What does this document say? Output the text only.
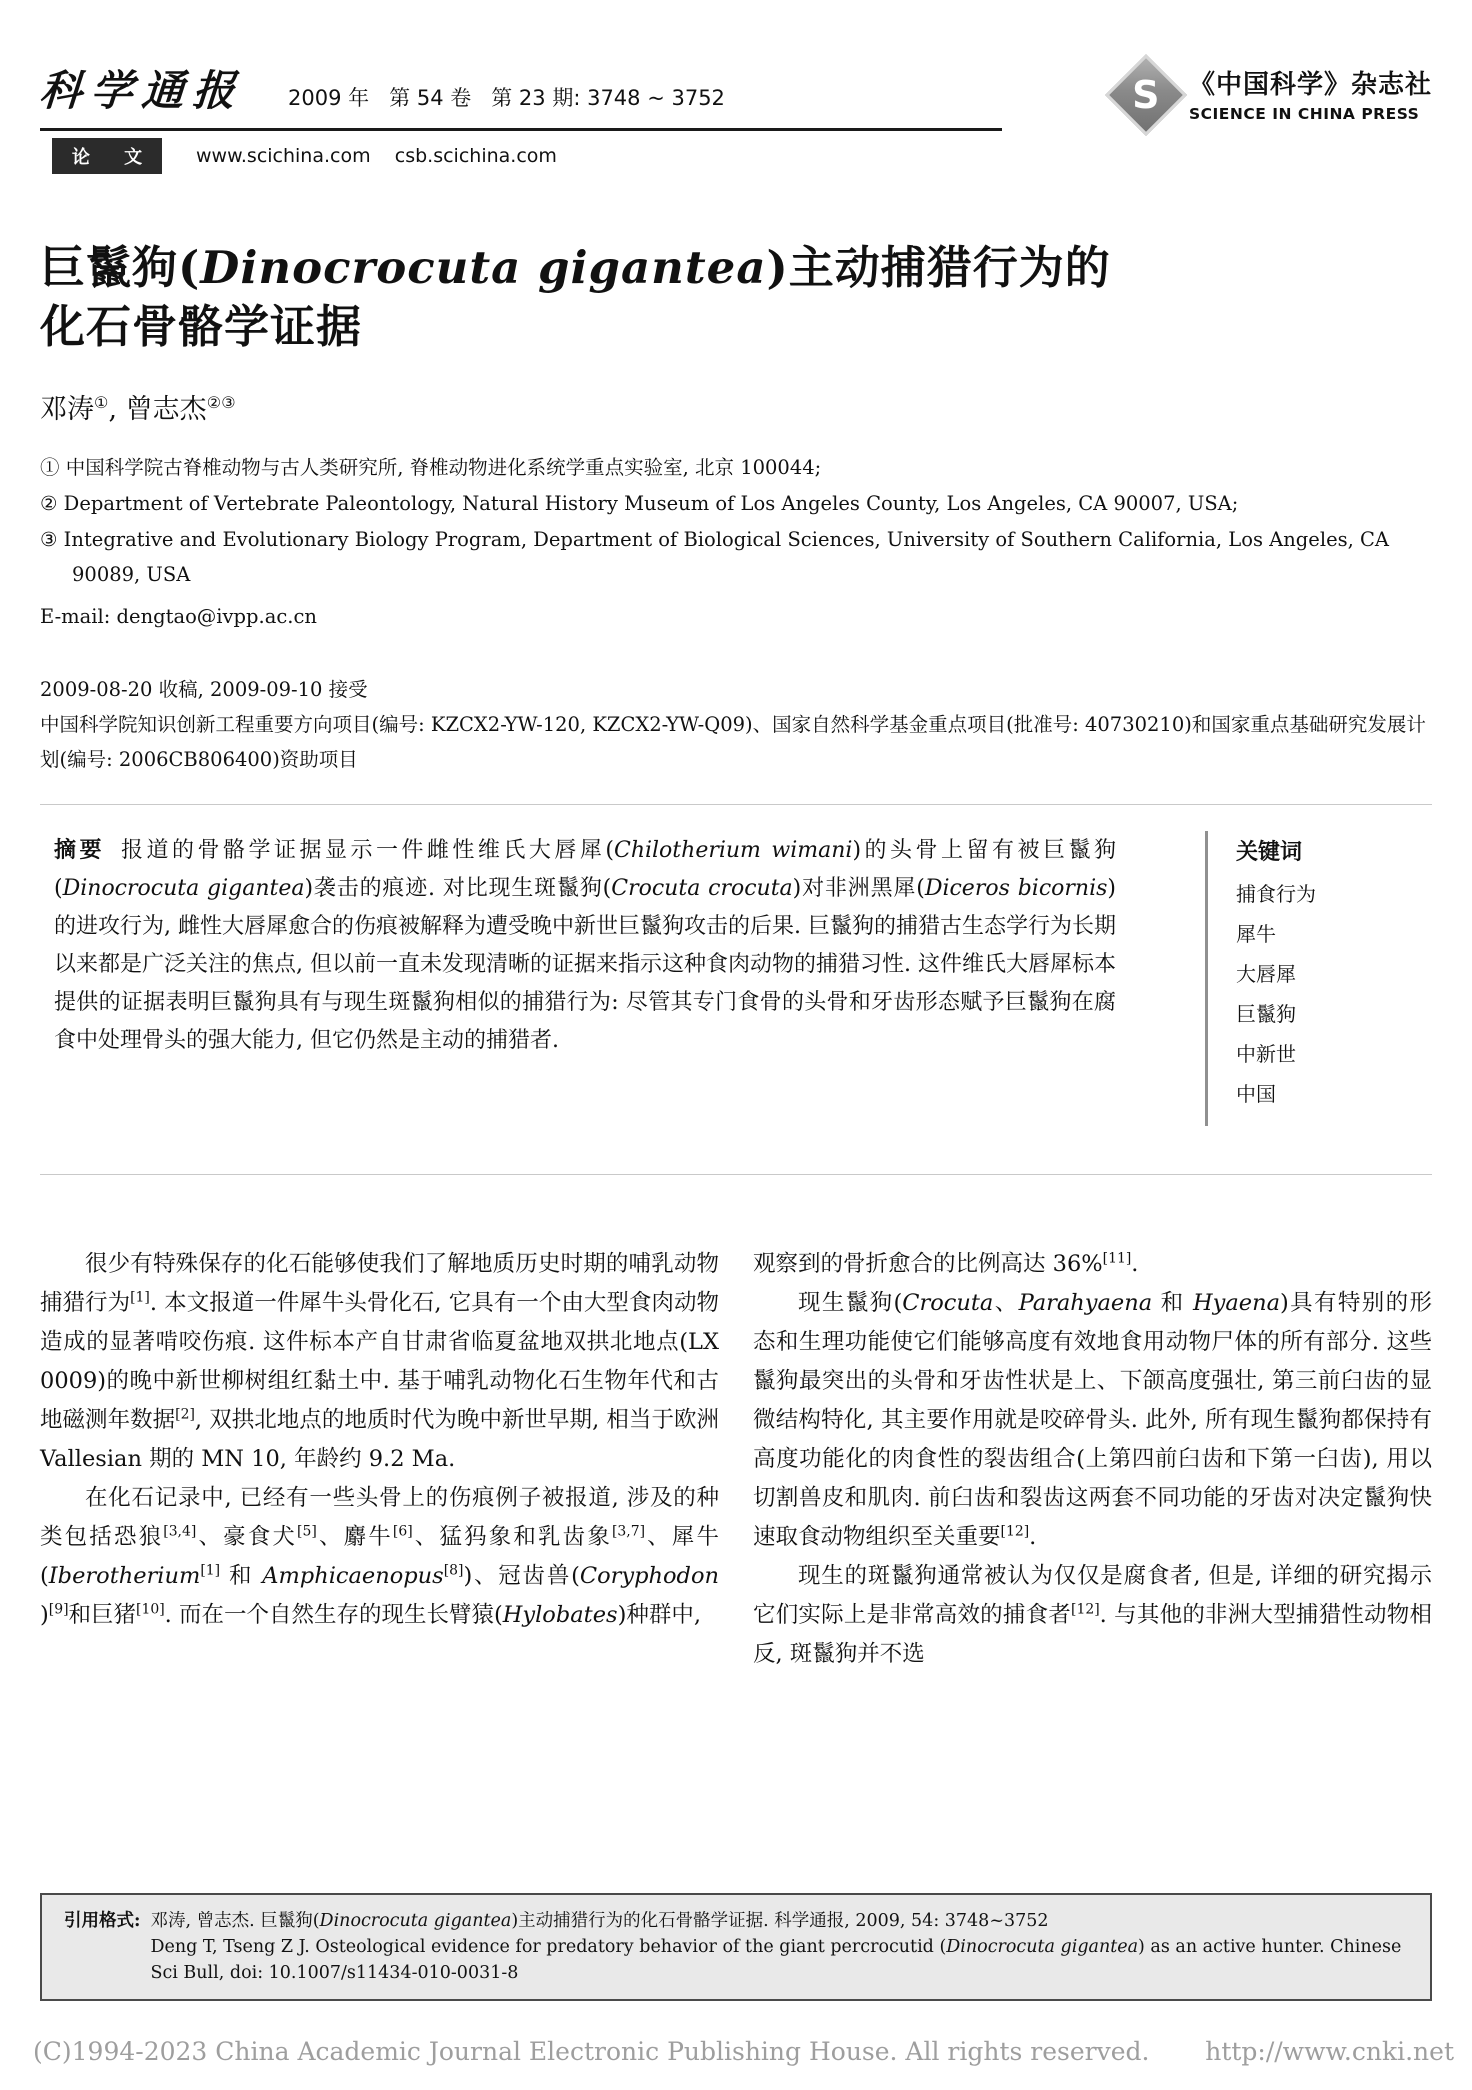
科学通报 2009 年   第 54 卷   第 23 期: 3748 ~ 3752
论 文	www.scichina.com    csb.scichina.com
S 《中国科学》杂志社
SCIENCE IN CHINA PRESS
巨鬣狗(Dinocrocuta gigantea)主动捕猎行为的
化石骨骼学证据
邓涛①, 曾志杰②③
① 中国科学院古脊椎动物与古人类研究所, 脊椎动物进化系统学重点实验室, 北京 100044;
② Department of Vertebrate Paleontology, Natural History Museum of Los Angeles County, Los Angeles, CA 90007, USA;
③ Integrative and Evolutionary Biology Program, Department of Biological Sciences, University of Southern California, Los Angeles, CA 90089, USA
E-mail: dengtao@ivpp.ac.cn
2009-08-20 收稿, 2009-09-10 接受
中国科学院知识创新工程重要方向项目(编号: KZCX2-YW-120, KZCX2-YW-Q09)、国家自然科学基金重点项目(批准号: 40730210)和国家重点基础研究发展计划(编号: 2006CB806400)资助项目

摘要 报道的骨骼学证据显示一件雌性维氏大唇犀(Chilotherium wimani)的头骨上留有被巨鬣狗(Dinocrocuta gigantea)袭击的痕迹. 对比现生斑鬣狗(Crocuta crocuta)对非洲黑犀(Diceros bicornis)的进攻行为, 雌性大唇犀愈合的伤痕被解释为遭受晚中新世巨鬣狗攻击的后果. 巨鬣狗的捕猎古生态学行为长期以来都是广泛关注的焦点, 但以前一直未发现清晰的证据来指示这种食肉动物的捕猎习性. 这件维氏大唇犀标本提供的证据表明巨鬣狗具有与现生斑鬣狗相似的捕猎行为: 尽管其专门食骨的头骨和牙齿形态赋予巨鬣狗在腐食中处理骨头的强大能力, 但它仍然是主动的捕猎者.

关键词
捕食行为
犀牛
大唇犀
巨鬣狗
中新世
中国

很少有特殊保存的化石能够使我们了解地质历史时期的哺乳动物捕猎行为[1]. 本文报道一件犀牛头骨化石, 它具有一个由大型食肉动物造成的显著啃咬伤痕. 这件标本产自甘肃省临夏盆地双拱北地点(LX 0009)的晚中新世柳树组红黏土中. 基于哺乳动物化石生物年代和古地磁测年数据[2], 双拱北地点的地质时代为晚中新世早期, 相当于欧洲 Vallesian 期的 MN 10, 年龄约 9.2 Ma.

在化石记录中, 已经有一些头骨上的伤痕例子被报道, 涉及的种类包括恐狼[3,4]、豪食犬[5]、麝牛[6]、猛犸象和乳齿象[3,7]、犀牛 (Iberotherium[1] 和 Amphicaenopus[8])、冠齿兽(Coryphodon )[9]和巨猪[10]. 而在一个自然生存的现生长臂猿(Hylobates)种群中,

观察到的骨折愈合的比例高达 36%[11].

现生鬣狗(Crocuta、Parahyaena 和 Hyaena)具有特别的形态和生理功能使它们能够高度有效地食用动物尸体的所有部分. 这些鬣狗最突出的头骨和牙齿性状是上、下颌高度强壮, 第三前臼齿的显微结构特化, 其主要作用就是咬碎骨头. 此外, 所有现生鬣狗都保持有高度功能化的肉食性的裂齿组合(上第四前臼齿和下第一臼齿), 用以切割兽皮和肌肉. 前臼齿和裂齿这两套不同功能的牙齿对决定鬣狗快速取食动物组织至关重要[12].

现生的斑鬣狗通常被认为仅仅是腐食者, 但是, 详细的研究揭示它们实际上是非常高效的捕食者[12]. 与其他的非洲大型捕猎性动物相反, 斑鬣狗并不选

引用格式: 邓涛, 曾志杰. 巨鬣狗(Dinocrocuta gigantea)主动捕猎行为的化石骨骼学证据. 科学通报, 2009, 54: 3748~3752
Deng T, Tseng Z J. Osteological evidence for predatory behavior of the giant percrocutid (Dinocrocuta gigantea) as an active hunter. Chinese Sci Bull, doi: 10.1007/s11434-010-0031-8
(C)1994-2023 China Academic Journal Electronic Publishing House. All rights reserved. http://www.cnki.net
